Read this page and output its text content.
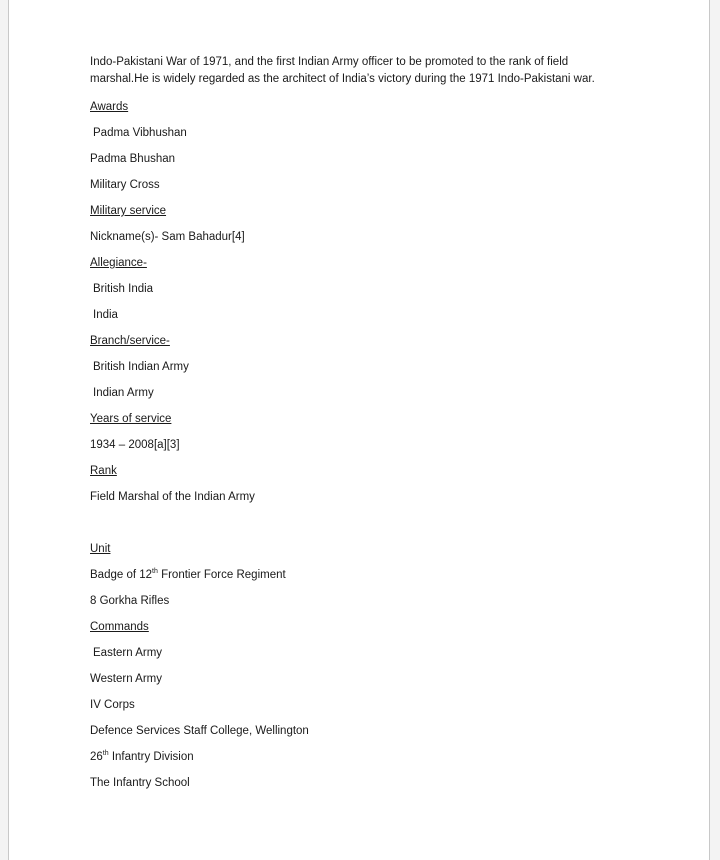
Indo-Pakistani War of 1971, and the first Indian Army officer to be promoted to the rank of field marshal.He is widely regarded as the architect of India’s victory during the 1971 Indo-Pakistani war.

Awards
Padma Vibhushan
Padma Bhushan
Military Cross
Military service
Nickname(s)- Sam Bahadur[4]
Allegiance-
British India
India
Branch/service-
British Indian Army
Indian Army
Years of service
1934 – 2008[a][3]
Rank
Field Marshal of the Indian Army
Unit
Badge of 12th Frontier Force Regiment
8 Gorkha Rifles
Commands
Eastern Army
Western Army
IV Corps
Defence Services Staff College, Wellington
26th Infantry Division
The Infantry School
